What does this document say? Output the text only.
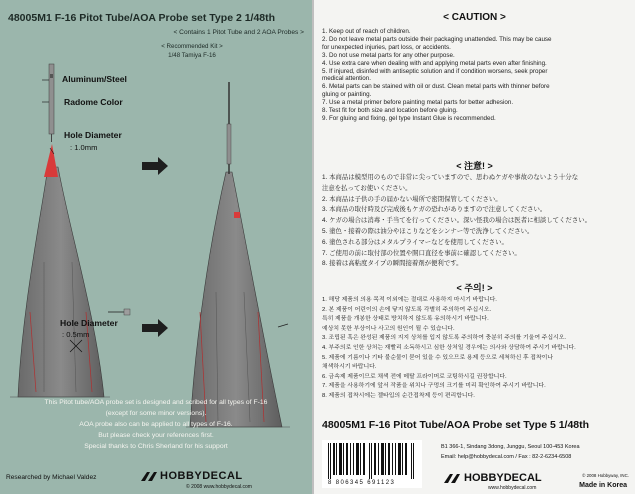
48005M1 F-16 Pitot Tube/AOA Probe set Type 2 1/48th
< Contains 1 Pitot Tube and 2 AOA Probes >
< Recommended Kit >
1/48 Tamiya F-16
Aluminum/Steel
Radome Color
Hole Diameter
: 1.0mm
Hole Diameter
: 0.5mm
This Pitot tube/AOA probe set is designed and scribed for all types of F-16
(except for some minor versions).
AOA probe also can be applied to all types of F-16.
But please check your references first.
Special thanks to Chris Sherland for his support
Researched by Michael Valdez	HOBBYDECAL
© 2008 www.hobbydecal.com
< CAUTION >
1. Keep out of reach of children.
2. Do not leave metal parts outside their packaging unattended. This may be cause
for unexpected injuries, part loss, or accidents.
3. Do not use metal parts for any other purpose.
4. Use extra care when dealing with and applying metal parts even after finishing.
5. If injured, disinfed with antiseptic solution and if condition worsens, seek proper
medical attention.
6. Metal parts can be stained with oil or dust. Clean metal parts with thinner before
gluing or painting.
7. Use a metal primer before painting metal parts for better adhesion.
8. Test fit for both size and location before gluing.
9. For gluing and fixing, gel type Instant Glue is recommended.
< 注意! >
1. 本商品は模型用のもので非常に尖っていますので、思わぬケガや事故のないよう十分な
注意を払ってお使いください。
2. 本商品は子供の手の届かない場所で密閉保管してください。
3. 本商品の取付時及び完成後もケガの恐れがありますので注意してください。
4. ケガの場合は消毒・手当てを行ってください。深い怪我の場合は医者に相談してください。
5. 塗色・接着の際は油分やほこりなどをシンナー等で洗浄してください。
6. 塗色される部分はメタルプライマーなどを使用してください。
7. ご使用の前に取付部の位置や開口直径を事前に確認してください。
8. 接着は高粘度タイプの瞬間接着剤が便利です。
< 주의! >
1. 해당 제품의 의용 목적 이외에는 절대로 사용하지 마시기 바랍니다.
2. 본 제품이 어린이의 손에 닿지 않도록 각별히 주의하여 주십시오.
특히 제품을 개봉한 상태로 방치하지 않도록 유의하시기 바랍니다.
예상치 못한 부상이나 사고의 원인이 될 수 있습니다.
3. 조립된 혹은 완성된 제품의 지지 상처를 입지 않도록 주의하여 충분히 주의를 기울여 주십시오.
4. 부주의로 인한 상처는 재빨리 소독하시고 심한 상처일 경우에는 의사와 상담하여 주시기 바랍니다.
5. 제품에 기름이나 기타 불순물이 묻어 있을 수 있으므로 용제 등으로 세척하신 후 접착이나
채색하시기 바랍니다.
6. 금속제 제품이므로 채색 전에 메탈 프라이머로 코팅하시길 권장합니다.
7. 제품을 사용하기에 앞서 작품을 위치나 구멍의 크기를 미리 확인하여 주시기 바랍니다.
8. 제품의 접착시에는 젤타입의 순간접착제 등이 편리합니다.
48005M1 F-16 Pitot Tube/AOA Probe set Type 5 1/48th
B1 366-1, Sindang 3dong, Junggu, Seoul 100-453 Korea
Email: help@hobbydecal.com / Fax : 82-2-6234-6508
8 806345 691123	HOBBYDECAL
www.hobbydecal.com
© 2008 Hobbyway, INC.
Made in Korea
